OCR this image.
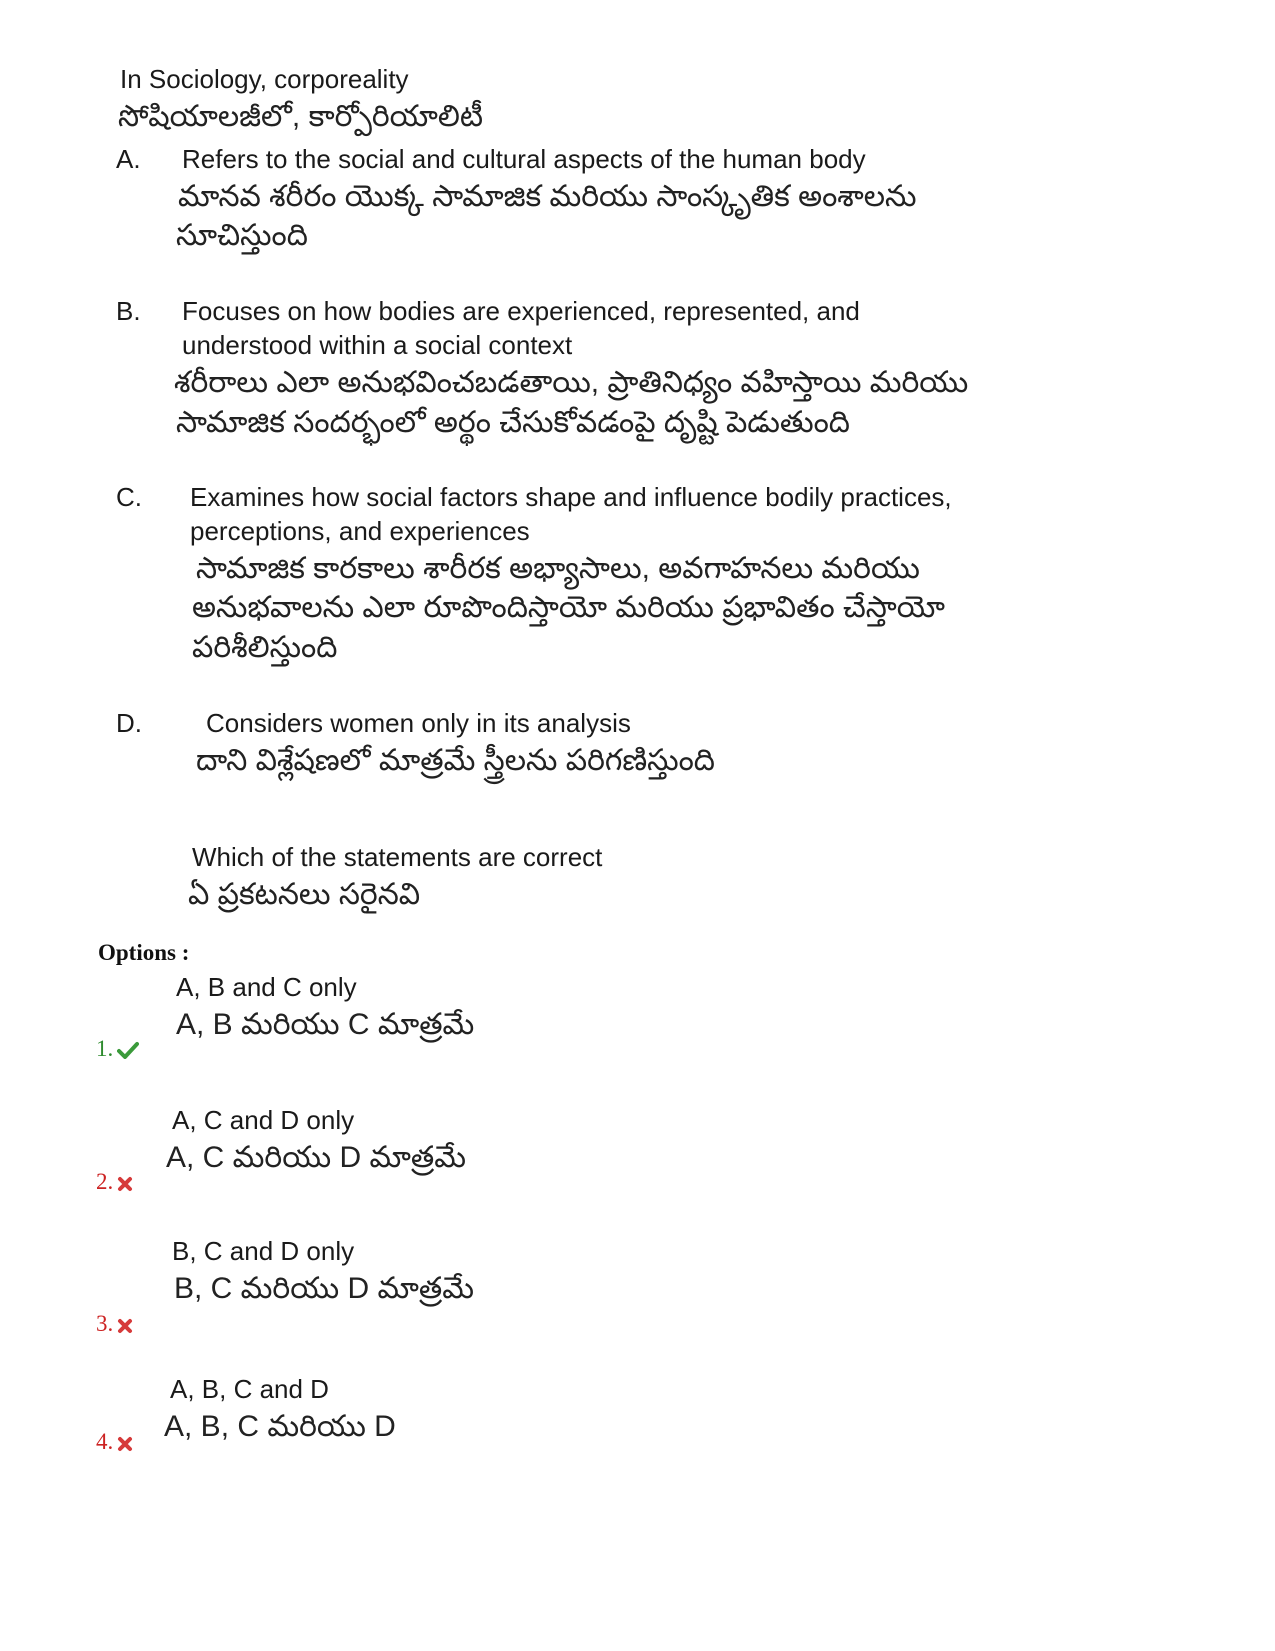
In Sociology, corporeality
సోషియాలజీలో, కార్పోరియాలిటీ
A. Refers to the social and cultural aspects of the human body
మానవ శరీరం యొక్క సామాజిక మరియు సాంస్కృతిక అంశాలను
సూచిస్తుంది
B. Focuses on how bodies are experienced, represented, and
understood within a social context
శరీరాలు ఎలా అనుభవించబడతాయి, ప్రాతినిధ్యం వహిస్తాయి మరియు
సామాజిక సందర్భంలో అర్థం చేసుకోవడంపై దృష్టి పెడుతుంది
C. Examines how social factors shape and influence bodily practices,
perceptions, and experiences
సామాజిక కారకాలు శారీరక అభ్యాసాలు, అవగాహనలు మరియు
అనుభవాలను ఎలా రూపొందిస్తాయో మరియు ప్రభావితం చేస్తాయో
పరిశీలిస్తుంది
D. Considers women only in its analysis
దాని విశ్లేషణలో మాత్రమే స్త్రీలను పరిగణిస్తుంది
Which of the statements are correct
ఏ ప్రకటనలు సరైనవి
Options :
A, B and C only
A, B మరియు C మాత్రమే
1.
A, C and D only
A, C మరియు D మాత్రమే
2.
B, C and D only
B, C మరియు D మాత్రమే
3.
A, B, C and D
A, B, C మరియు D
4.
